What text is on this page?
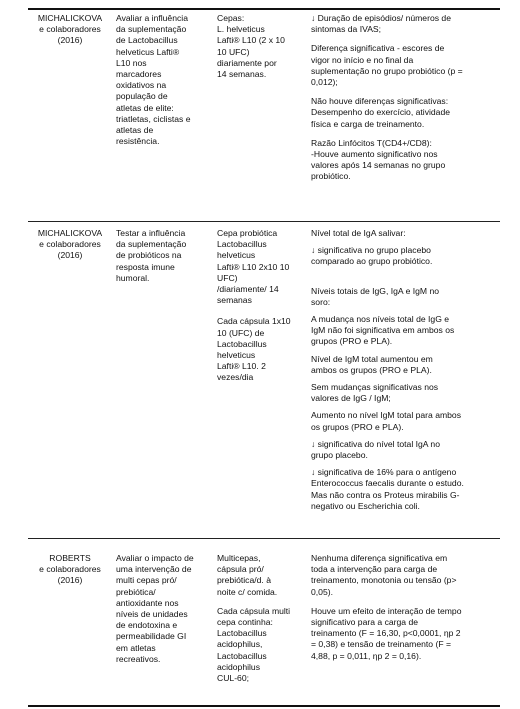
MICHALICKOVA
e colaboradores
(2016)

Avaliar a influência
da suplementação
de Lactobacillus
helveticus Lafti®
L10 nos
marcadores
oxidativos na
população de
atletas de elite:
triatletas, ciclistas e
atletas de
resistência.

Cepas:
L. helveticus
Lafti® L10 (2 x 10
10 UFC)
diariamente por
14 semanas.

↓ Duração de episódios/ números de
sintomas da IVAS;

Diferença significativa - escores de
vigor no início e no final da
suplementação no grupo probiótico (p =
0,012);

Não houve diferenças significativas:
Desempenho do exercício, atividade
física e carga de treinamento.

Razão Linfócitos T(CD4+/CD8):
-Houve aumento significativo nos
valores após 14 semanas no grupo
probiótico.

MICHALICKOVA
e colaboradores
(2016)

Testar a influência
da suplementação
de probióticos na
resposta imune
humoral.

Cepa probiótica
Lactobacillus
helveticus
Lafti® L10 2x10 10
UFC)
/diariamente/ 14
semanas

Cada cápsula 1x10
10 (UFC) de
Lactobacillus
helveticus
Lafti® L10. 2
vezes/dia

Nível total de IgA salivar:

↓ significativa no grupo placebo
comparado ao grupo probiótico.

Níveis totais de IgG, IgA e IgM no
soro:

A mudança nos níveis total de IgG e
IgM não foi significativa em ambos os
grupos (PRO e PLA).

Nível de IgM total aumentou em
ambos os grupos (PRO e PLA).

Sem mudanças significativas nos
valores de IgG / IgM;

Aumento no nível IgM total para ambos
os grupos (PRO e PLA).

↓ significativa do nível total IgA no
grupo placebo.

↓ significativa de 16% para o antígeno
Enterococcus faecalis durante o estudo.
Mas não contra os Proteus mirabilis G-
negativo ou Escherichia coli.

ROBERTS
e colaboradores
(2016)

Avaliar o impacto de
uma intervenção de
multi cepas pró/
prebiótica/
antioxidante nos
níveis de unidades
de endotoxina e
permeabilidade GI
em atletas
recreativos.

Multicepas,
cápsula pró/
prebiótica/d. à
noite c/ comida.

Cada cápsula multi
cepa continha:
Lactobacillus
acidophilus,
Lactobacillus
acidophilus
CUL-60;

Nenhuma diferença significativa em
toda a intervenção para carga de
treinamento, monotonia ou tensão (p>
0,05).

Houve um efeito de interação de tempo
significativo para a carga de
treinamento (F = 16,30, p<0,0001, ηp 2
= 0,38) e tensão de treinamento (F =
4,88, p = 0,011, ηp 2 = 0,16).
